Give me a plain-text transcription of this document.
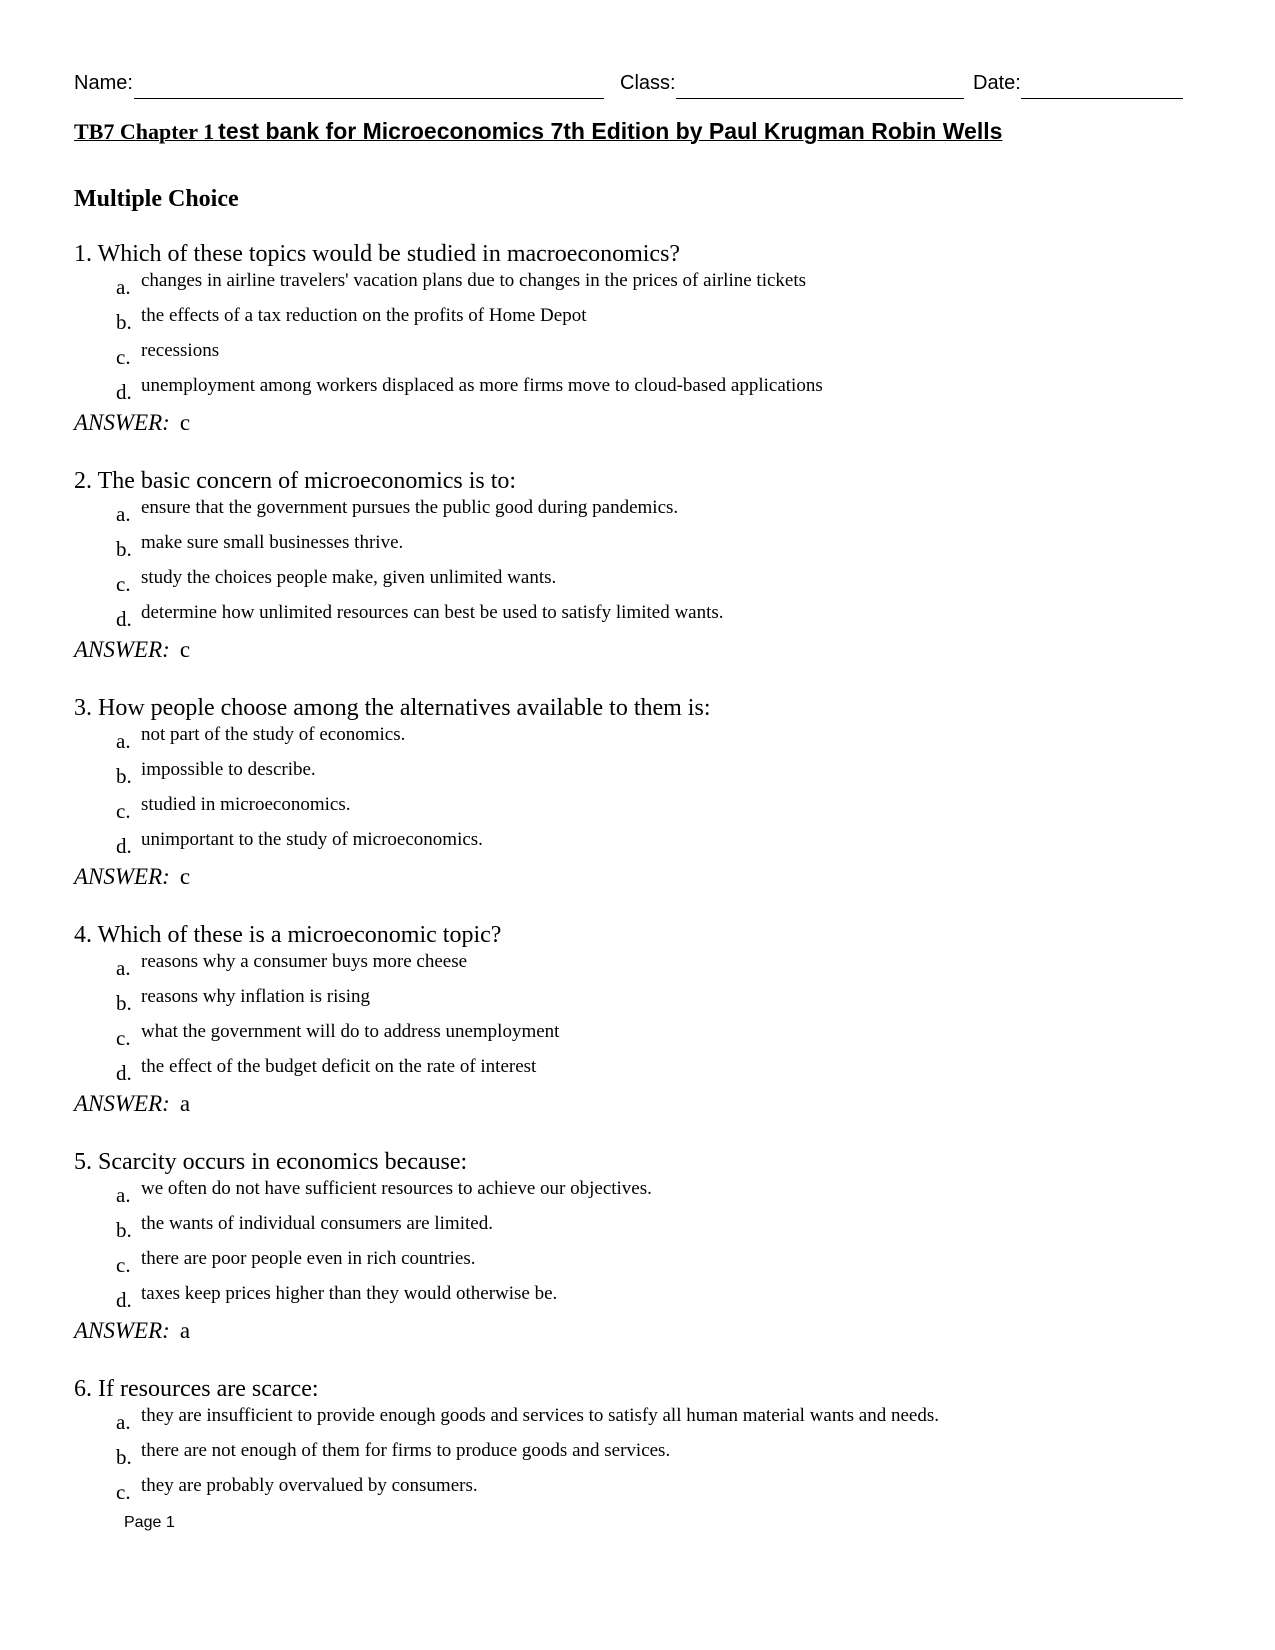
Name:	Class:	Date:
TB7 Chapter 1 test bank for Microeconomics 7th Edition by Paul Krugman Robin Wells
Multiple Choice
1. Which of these topics would be studied in macroeconomics?
a. changes in airline travelers' vacation plans due to changes in the prices of airline tickets
b. the effects of a tax reduction on the profits of Home Depot
c. recessions
d. unemployment among workers displaced as more firms move to cloud-based applications
ANSWER: c
2. The basic concern of microeconomics is to:
a. ensure that the government pursues the public good during pandemics.
b. make sure small businesses thrive.
c. study the choices people make, given unlimited wants.
d. determine how unlimited resources can best be used to satisfy limited wants.
ANSWER: c
3. How people choose among the alternatives available to them is:
a. not part of the study of economics.
b. impossible to describe.
c. studied in microeconomics.
d. unimportant to the study of microeconomics.
ANSWER: c
4. Which of these is a microeconomic topic?
a. reasons why a consumer buys more cheese
b. reasons why inflation is rising
c. what the government will do to address unemployment
d. the effect of the budget deficit on the rate of interest
ANSWER: a
5. Scarcity occurs in economics because:
a. we often do not have sufficient resources to achieve our objectives.
b. the wants of individual consumers are limited.
c. there are poor people even in rich countries.
d. taxes keep prices higher than they would otherwise be.
ANSWER: a
6. If resources are scarce:
a. they are insufficient to provide enough goods and services to satisfy all human material wants and needs.
b. there are not enough of them for firms to produce goods and services.
c. they are probably overvalued by consumers.
Page 1
